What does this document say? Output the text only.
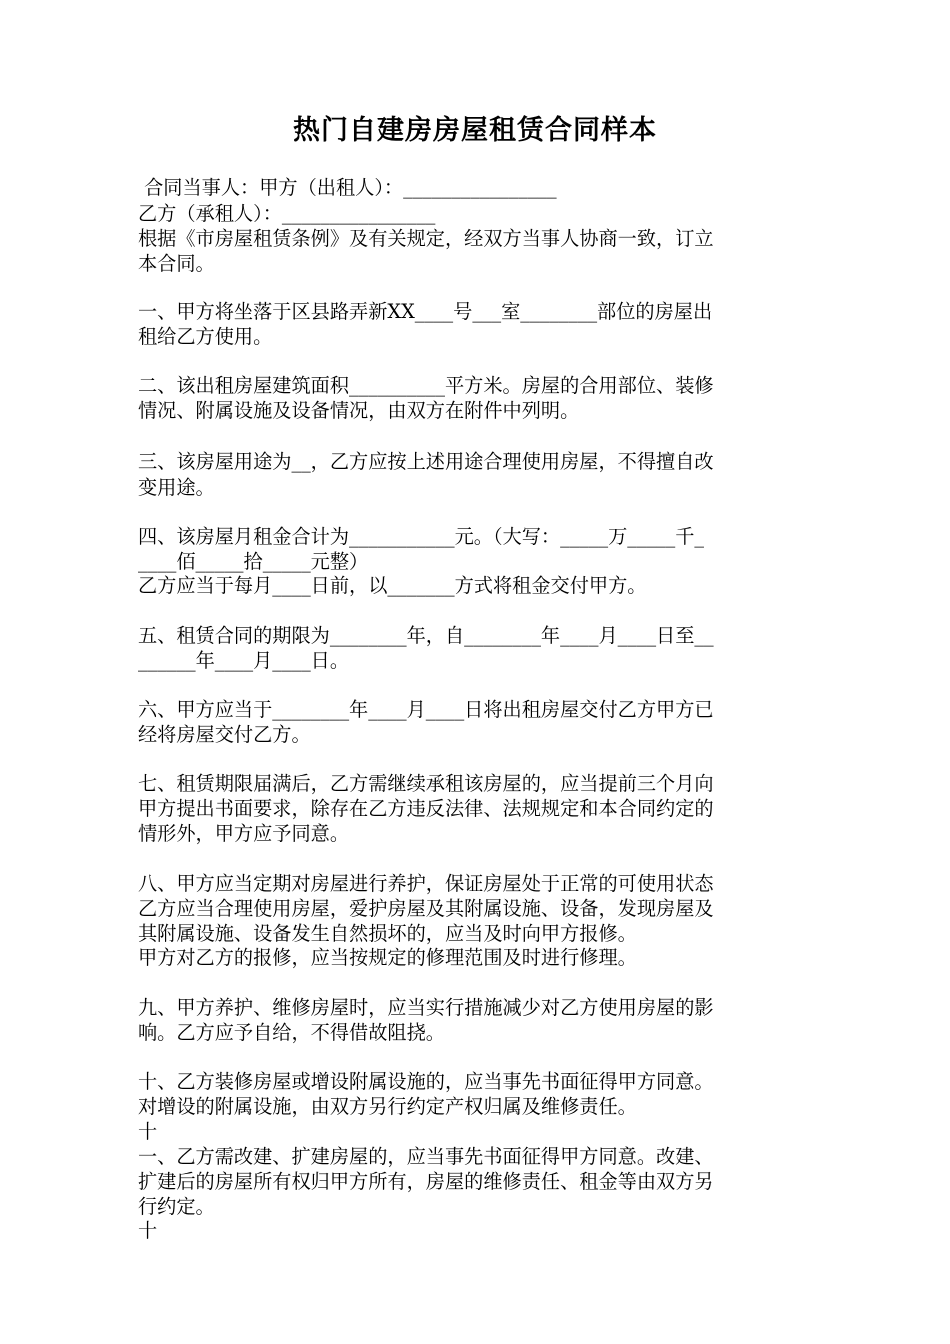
热门自建房房屋租赁合同样本
合同当事人：甲方（出租人）：________________
乙方（承租人）：________________
根据《市房屋租赁条例》及有关规定，经双方当事人协商一致，订立
本合同。
一、甲方将坐落于区县路弄新XX____号___室________部位的房屋出
租给乙方使用。
二、该出租房屋建筑面积__________平方米。房屋的合用部位、装修
情况、附属设施及设备情况，由双方在附件中列明。
三、该房屋用途为__，乙方应按上述用途合理使用房屋，不得擅自改
变用途。
四、该房屋月租金合计为___________元。（大写：_____万_____千_
____佰_____拾_____元整）
乙方应当于每月____日前，以_______方式将租金交付甲方。
五、租赁合同的期限为________年，自________年____月____日至__
______年____月____日。
六、甲方应当于________年____月____日将出租房屋交付乙方甲方已
经将房屋交付乙方。
七、租赁期限届满后，乙方需继续承租该房屋的，应当提前三个月向
甲方提出书面要求，除存在乙方违反法律、法规规定和本合同约定的
情形外，甲方应予同意。
八、甲方应当定期对房屋进行养护，保证房屋处于正常的可使用状态
乙方应当合理使用房屋，爱护房屋及其附属设施、设备，发现房屋及
其附属设施、设备发生自然损坏的，应当及时向甲方报修。
甲方对乙方的报修，应当按规定的修理范围及时进行修理。
九、甲方养护、维修房屋时，应当实行措施减少对乙方使用房屋的影
响。乙方应予自给，不得借故阻挠。
十、乙方装修房屋或增设附属设施的，应当事先书面征得甲方同意。
对增设的附属设施，由双方另行约定产权归属及维修责任。
十
一、乙方需改建、扩建房屋的，应当事先书面征得甲方同意。改建、
扩建后的房屋所有权归甲方所有，房屋的维修责任、租金等由双方另
行约定。
十
